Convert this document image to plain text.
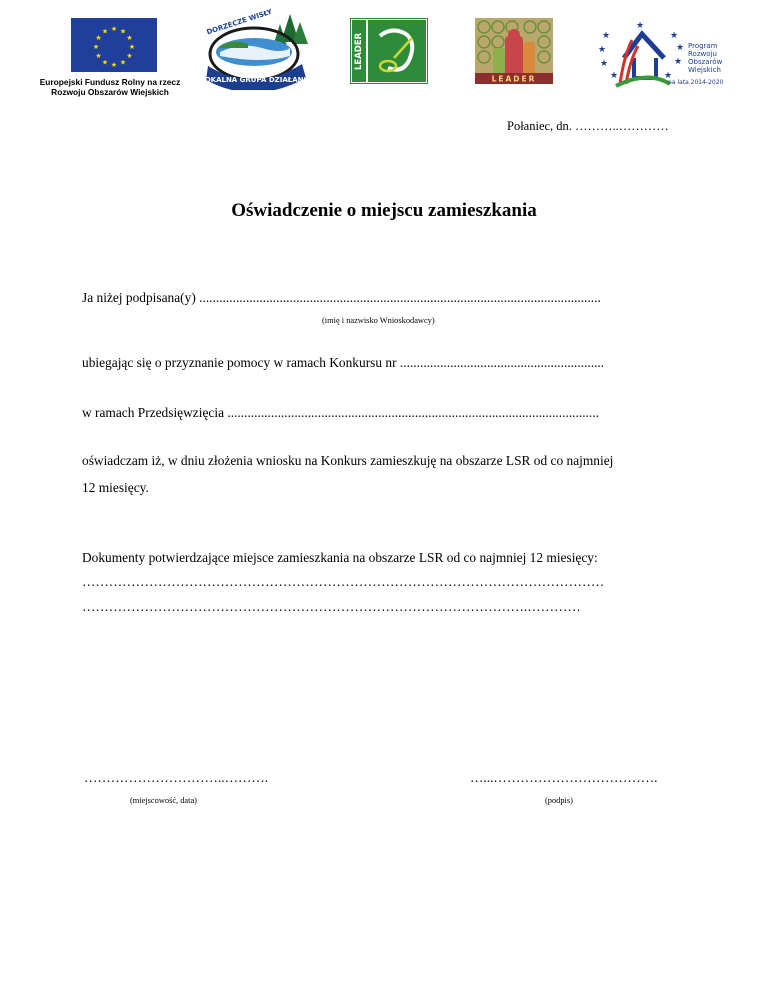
★ ★
★
★
★
★
★
★
★
★
★
★
Europejski Fundusz Rolny na rzecz
Rozwoju Obszarów Wiejskich
LOKALNA GRUPA DZIAŁANIA
DORZECZE WISŁY
LEADER
LEADER
★
★
★
★
★
★
★
★
★
Program
Rozwoju
Obszarów
Wiejskich
na lata 2014-2020
Połaniec, dn. ………..…………
Oświadczenie o miejscu zamieszkania
Ja niżej podpisana(y) ........................................................................................................................
(imię i nazwisko Wnioskodawcy)
ubiegając się o przyznanie pomocy w ramach Konkursu nr .............................................................
w ramach Przedsięwzięcia ...............................................................................................................
oświadczam iż, w dniu złożenia wniosku na Konkurs zamieszkuję na obszarze LSR od co najmniej
12 miesięcy.
Dokumenty potwierdzające miejsce zamieszkania na obszarze LSR od co najmniej 12 miesięcy:
………………………………………………………………………………………………………
……………………………………………………………………………………….…………
…………………………..……….
(miejscowość, data)
…...……………………………….
(podpis)
